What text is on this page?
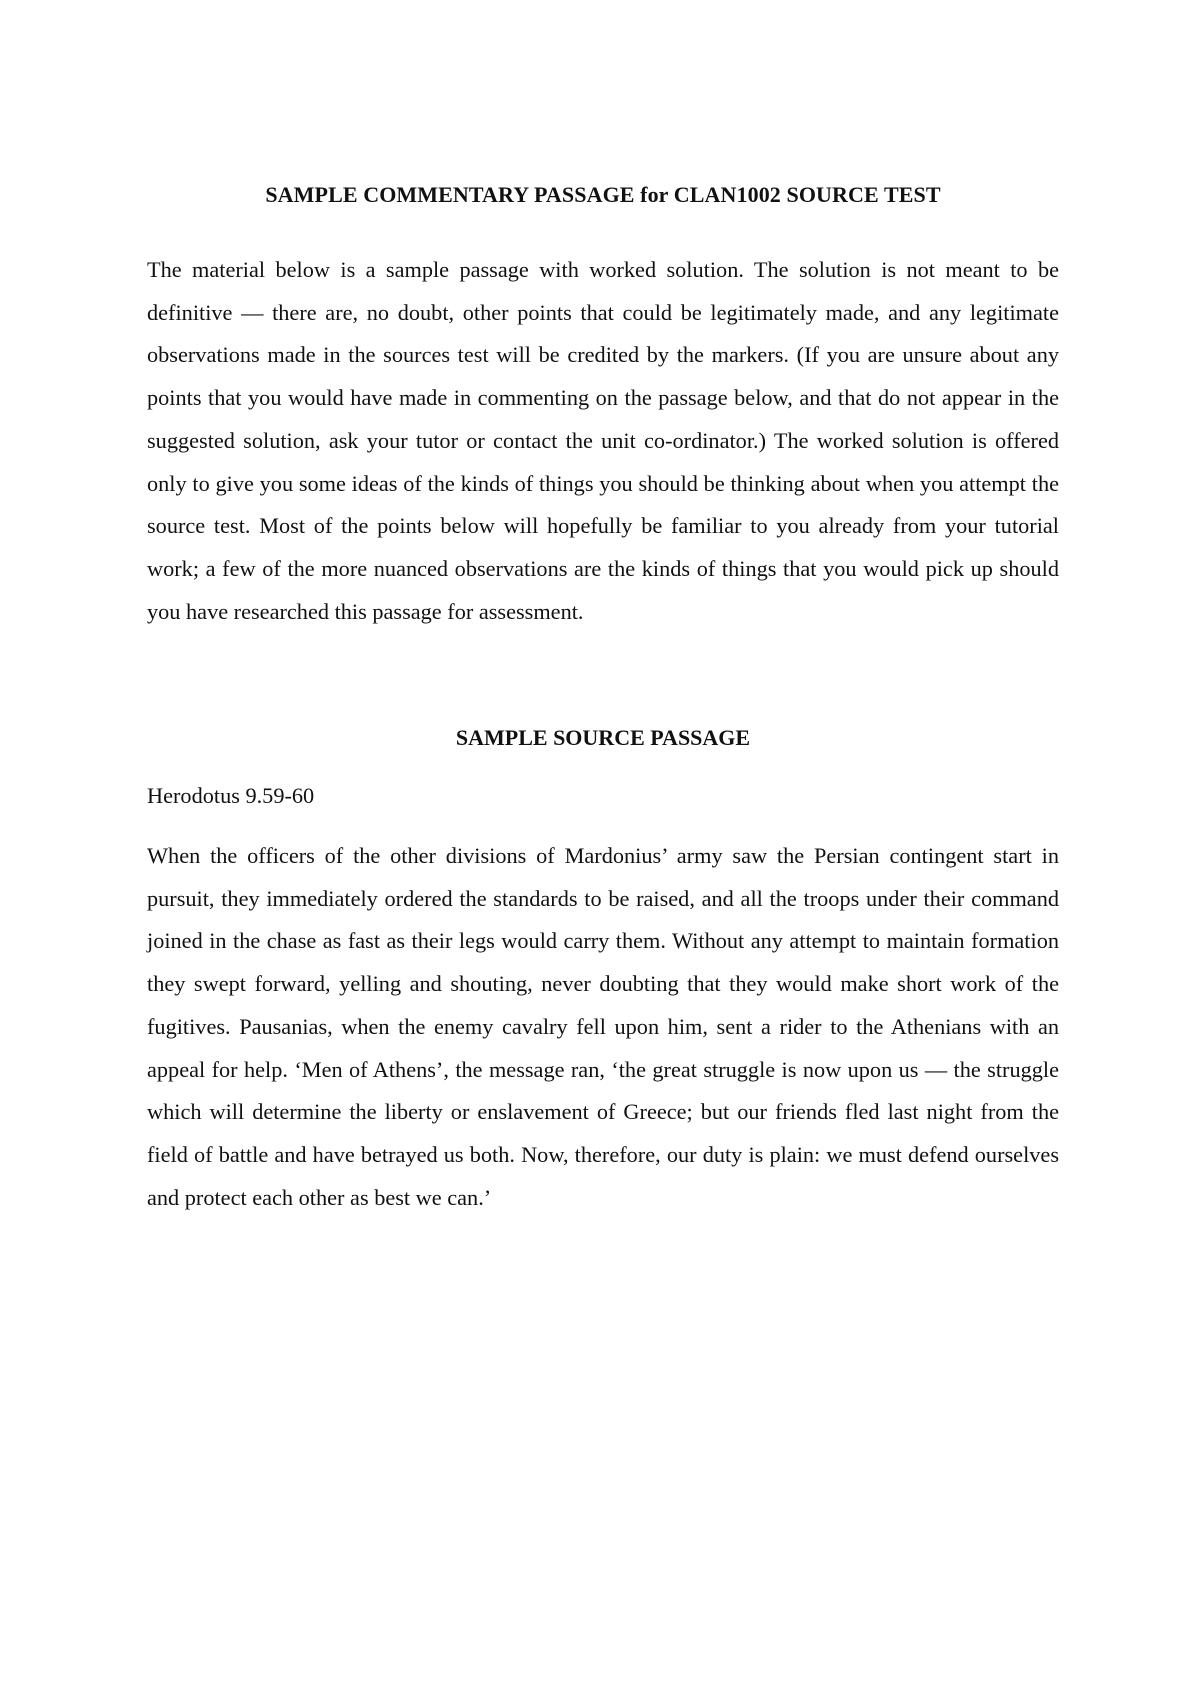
SAMPLE COMMENTARY PASSAGE for CLAN1002 SOURCE TEST

The material below is a sample passage with worked solution. The solution is not meant to be definitive — there are, no doubt, other points that could be legitimately made, and any legitimate observations made in the sources test will be credited by the markers. (If you are unsure about any points that you would have made in commenting on the passage below, and that do not appear in the suggested solution, ask your tutor or contact the unit co-ordinator.) The worked solution is offered only to give you some ideas of the kinds of things you should be thinking about when you attempt the source test. Most of the points below will hopefully be familiar to you already from your tutorial work; a few of the more nuanced observations are the kinds of things that you would pick up should you have researched this passage for assessment.

SAMPLE SOURCE PASSAGE

Herodotus 9.59-60

When the officers of the other divisions of Mardonius’ army saw the Persian contingent start in pursuit, they immediately ordered the standards to be raised, and all the troops under their command joined in the chase as fast as their legs would carry them. Without any attempt to maintain formation they swept forward, yelling and shouting, never doubting that they would make short work of the fugitives. Pausanias, when the enemy cavalry fell upon him, sent a rider to the Athenians with an appeal for help. ‘Men of Athens’, the message ran, ‘the great struggle is now upon us — the struggle which will determine the liberty or enslavement of Greece; but our friends fled last night from the field of battle and have betrayed us both. Now, therefore, our duty is plain: we must defend ourselves and protect each other as best we can.’
